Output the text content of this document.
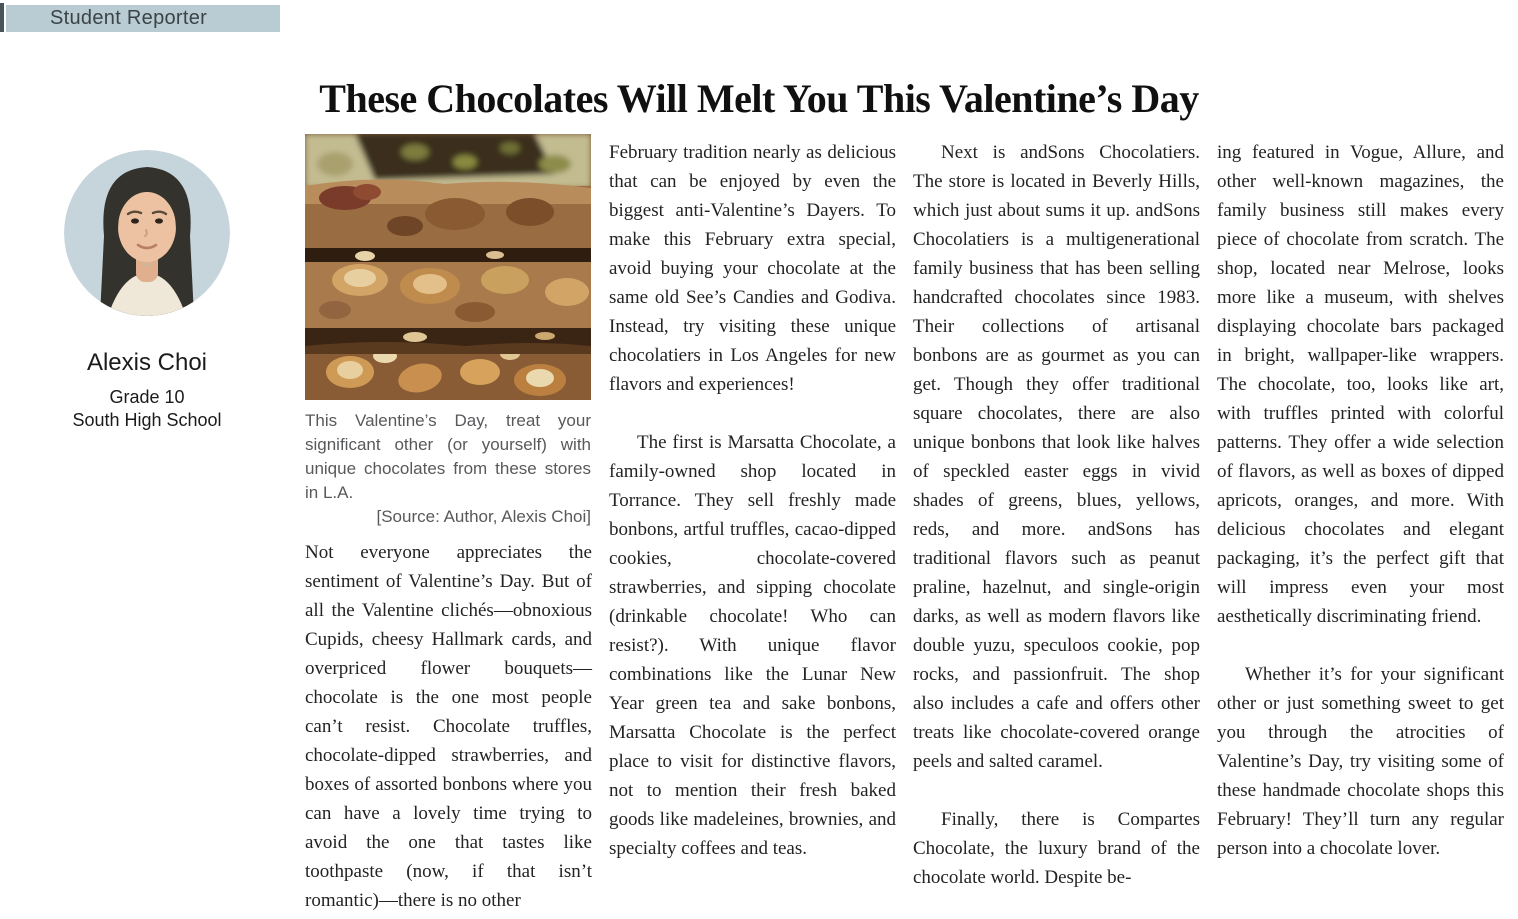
Student Reporter
These Chocolates Will Melt You This Valentine’s Day
Alexis Choi
Grade 10
South High School	This Valentine’s Day, treat your significant other (or yourself) with unique chocolates from these stores in L.A.
[Source: Author, Alexis Choi]

Not everyone appreciates the sentiment of Valentine’s Day. But of all the Valentine clichés—obnoxious Cupids, cheesy Hallmark cards, and overpriced flower bouquets—chocolate is the one most people can’t resist. Chocolate truffles, chocolate-dipped strawberries, and boxes of assorted bonbons where you can have a lovely time trying to avoid the one that tastes like toothpaste (now, if that isn’t romantic)—there is no other

February tradition nearly as delicious that can be enjoyed by even the biggest anti-Valentine’s Dayers. To make this February extra special, avoid buying your chocolate at the same old See’s Candies and Godiva. Instead, try visiting these unique chocolatiers in Los Angeles for new flavors and experiences!

The first is Marsatta Chocolate, a family-owned shop located in Torrance. They sell freshly made bonbons, artful truffles, cacao-dipped cookies, chocolate-covered strawberries, and sipping chocolate (drinkable chocolate! Who can resist?). With unique flavor combinations like the Lunar New Year green tea and sake bonbons, Marsatta Chocolate is the perfect place to visit for distinctive flavors, not to mention their fresh baked goods like madeleines, brownies, and specialty coffees and teas.

Next is andSons Chocolatiers. The store is located in Beverly Hills, which just about sums it up. andSons Chocolatiers is a multigenerational family business that has been selling handcrafted chocolates since 1983. Their collections of artisanal bonbons are as gourmet as you can get. Though they offer traditional square chocolates, there are also unique bonbons that look like halves of speckled easter eggs in vivid shades of greens, blues, yellows, reds, and more. andSons has traditional flavors such as peanut praline, hazelnut, and single-origin darks, as well as modern flavors like double yuzu, speculoos cookie, pop rocks, and passionfruit. The shop also includes a cafe and offers other treats like chocolate-covered orange peels and salted caramel.

Finally, there is Compartes Chocolate, the luxury brand of the chocolate world. Despite be-

ing featured in Vogue, Allure, and other well-known magazines, the family business still makes every piece of chocolate from scratch. The shop, located near Melrose, looks more like a museum, with shelves displaying chocolate bars packaged in bright, wallpaper-like wrappers. The chocolate, too, looks like art, with truffles printed with colorful patterns. They offer a wide selection of flavors, as well as boxes of dipped apricots, oranges, and more. With delicious chocolates and elegant packaging, it’s the perfect gift that will impress even your most aesthetically discriminating friend.

Whether it’s for your significant other or just something sweet to get you through the atrocities of Valentine’s Day, try visiting some of these handmade chocolate shops this February! They’ll turn any regular person into a chocolate lover.
